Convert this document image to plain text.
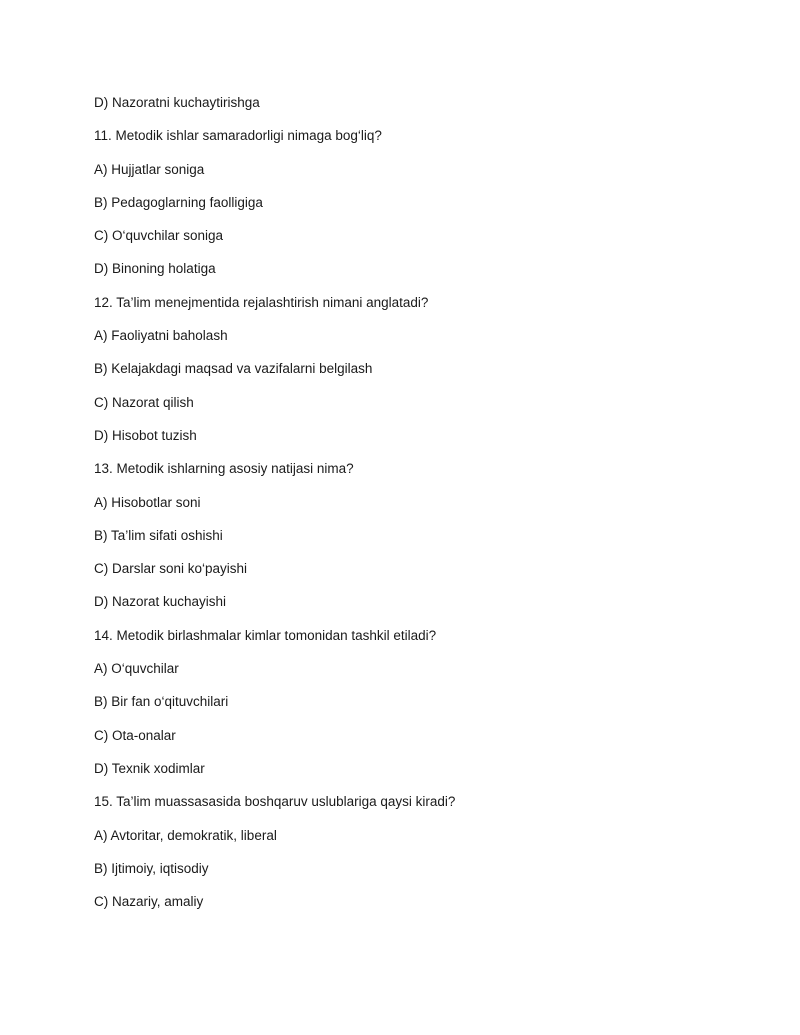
D) Nazoratni kuchaytirishga
11. Metodik ishlar samaradorligi nimaga bog‘liq?
A) Hujjatlar soniga
B) Pedagoglarning faolligiga
C) O‘quvchilar soniga
D) Binoning holatiga
12. Ta’lim menejmentida rejalashtirish nimani anglatadi?
A) Faoliyatni baholash
B) Kelajakdagi maqsad va vazifalarni belgilash
C) Nazorat qilish
D) Hisobot tuzish
13. Metodik ishlarning asosiy natijasi nima?
A) Hisobotlar soni
B) Ta’lim sifati oshishi
C) Darslar soni ko‘payishi
D) Nazorat kuchayishi
14. Metodik birlashmalar kimlar tomonidan tashkil etiladi?
A) O‘quvchilar
B) Bir fan o‘qituvchilari
C) Ota-onalar
D) Texnik xodimlar
15. Ta’lim muassasasida boshqaruv uslublariga qaysi kiradi?
A) Avtoritar, demokratik, liberal
B) Ijtimoiy, iqtisodiy
C) Nazariy, amaliy
